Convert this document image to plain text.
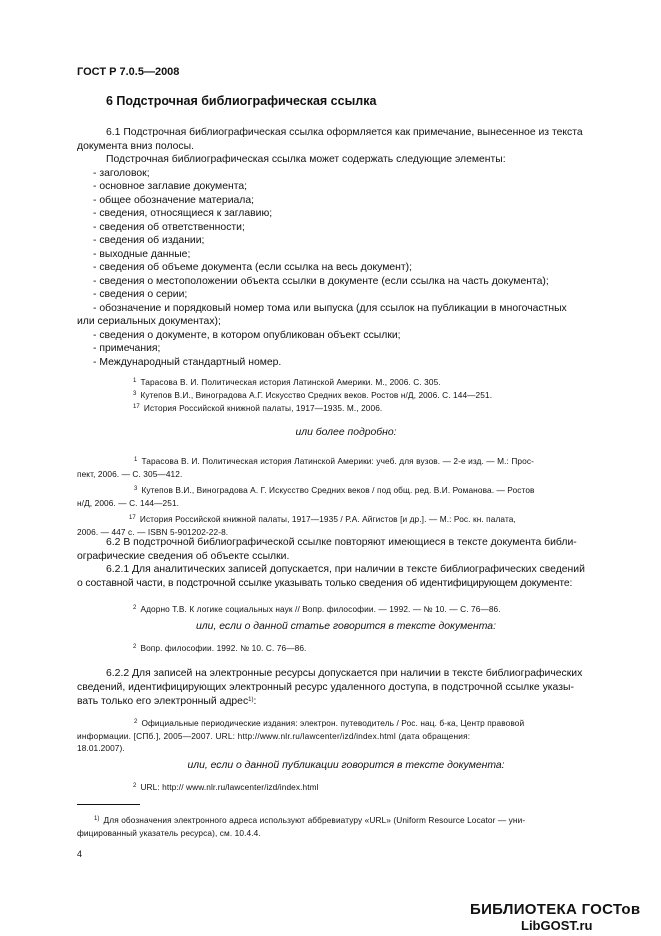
ГОСТ Р 7.0.5—2008
6 Подстрочная библиографическая ссылка

6.1 Подстрочная библиографическая ссылка оформляется как примечание, вынесенное из текста

документа вниз полосы.

Подстрочная библиографическая ссылка может содержать следующие элементы:

- заголовок;

- основное заглавие документа;

- общее обозначение материала;

- сведения, относящиеся к заглавию;

- сведения об ответственности;

- сведения об издании;

- выходные данные;

- сведения об объеме документа (если ссылка на весь документ);

- сведения о местоположении объекта ссылки в документе (если ссылка на часть документа);

- сведения о серии;

- обозначение и порядковый номер тома или выпуска (для ссылок на публикации в многочастных

или сериальных документах);

- сведения о документе, в котором опубликован объект ссылки;

- примечания;

- Международный стандартный номер.

$^1$ Тарасова В. И. Политическая история Латинской Америки. М., 2006. С. 305.
$^3$ Кутепов В.И., Виноградова А.Г. Искусство Средних веков. Ростов н/Д, 2006. С. 144—251.
$^{17}$ История Российской книжной палаты, 1917—1935. М., 2006.
или более подробно:
$^1$ Тарасова В. И. Политическая история Латинской Америки: учеб. для вузов. — 2-е изд. — М.: Прос-
пект, 2006. — С. 305—412.
$^3$ Кутепов В.И., Виноградова А. Г. Искусство Средних веков / под общ. ред. В.И. Романова. — Ростов
н/Д, 2006. — С. 144—251.
$^{17}$ История Российской книжной палаты, 1917—1935 / Р.А. Айгистов [и др.]. — М.: Рос. кн. палата,
2006. — 447 с. — ISBN 5-901202-22-8.

6.2 В подстрочной библиографической ссылке повторяют имеющиеся в тексте документа библи-

ографические сведения об объекте ссылки.

6.2.1 Для аналитических записей допускается, при наличии в тексте библиографических сведений

о составной части, в подстрочной ссылке указывать только сведения об идентифицирующем документе:

$^2$ Адорно Т.В. К логике социальных наук // Вопр. философии. — 1992. — № 10. — С. 76—86.
или, если о данной статье говорится в тексте документа:
$^2$ Вопр. философии. 1992. № 10. С. 76—86.

6.2.2 Для записей на электронные ресурсы допускается при наличии в тексте библиографических

сведений, идентифицирующих электронный ресурс удаленного доступа, в подстрочной ссылке указы-

вать только его электронный адрес$^{1)}$:

$^2$ Официальные периодические издания: электрон. путеводитель / Рос. нац. б-ка, Центр правовой
информации. [СПб.], 2005—2007. URL: http://www.nlr.ru/lawcenter/izd/index.html (дата обращения:
18.01.2007).
или, если о данной публикации говорится в тексте документа:
$^2$ URL: http:// www.nlr.ru/lawcenter/izd/index.html
$^{1)}$ Для обозначения электронного адреса используют аббревиатуру «URL» (Uniform Resource Locator — уни-
фицированный указатель ресурса), см. 10.4.4.
4
БИБЛИОТЕКА ГОСТов
LibGOST.ru
